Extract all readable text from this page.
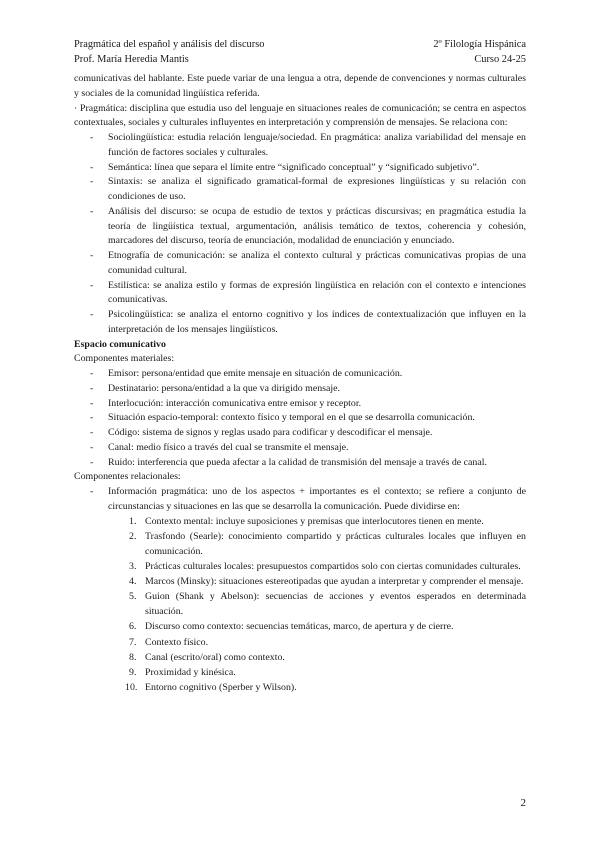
Pragmática del español y análisis del discurso	2º Filología Hispánica
Prof. María Heredia Mantis	Curso 24-25

comunicativas del hablante. Este puede variar de una lengua a otra, depende de convenciones y normas culturales y sociales de la comunidad lingüística referida.

· Pragmática: disciplina que estudia uso del lenguaje en situaciones reales de comunicación; se centra en aspectos contextuales, sociales y culturales influyentes en interpretación y comprensión de mensajes. Se relaciona con:

- Sociolingüística: estudia relación lenguaje/sociedad. En pragmática: analiza variabilidad del mensaje en función de factores sociales y culturales.
- Semántica: línea que separa el límite entre “significado conceptual” y “significado subjetivo”.
- Sintaxis: se analiza el significado gramatical-formal de expresiones lingüísticas y su relación con condiciones de uso.
- Análisis del discurso: se ocupa de estudio de textos y prácticas discursivas; en pragmática estudia la teoría de lingüística textual, argumentación, análisis temático de textos, coherencia y cohesión, marcadores del discurso, teoría de enunciación, modalidad de enunciación y enunciado.
- Etnografía de comunicación: se analiza el contexto cultural y prácticas comunicativas propias de una comunidad cultural.
- Estilística: se analiza estilo y formas de expresión lingüística en relación con el contexto e intenciones comunicativas.
- Psicolingüística: se analiza el entorno cognitivo y los índices de contextualización que influyen en la interpretación de los mensajes lingüísticos.

Espacio comunicativo

Componentes materiales:

- Emisor: persona/entidad que emite mensaje en situación de comunicación.
- Destinatario: persona/entidad a la que va dirigido mensaje.
- Interlocución: interacción comunicativa entre emisor y receptor.
- Situación espacio-temporal: contexto físico y temporal en el que se desarrolla comunicación.
- Código: sistema de signos y reglas usado para codificar y descodificar el mensaje.
- Canal: medio físico a través del cual se transmite el mensaje.
- Ruido: interferencia que pueda afectar a la calidad de transmisión del mensaje a través de canal.

Componentes relacionales:

- Información pragmática: uno de los aspectos + importantes es el contexto; se refiere a conjunto de circunstancias y situaciones en las que se desarrolla la comunicación. Puede dividirse en:
1. Contexto mental: incluye suposiciones y premisas que interlocutores tienen en mente.
2. Trasfondo (Searle): conocimiento compartido y prácticas culturales locales que influyen en comunicación.
3. Prácticas culturales locales: presupuestos compartidos solo con ciertas comunidades culturales.
4. Marcos (Minsky): situaciones estereotipadas que ayudan a interpretar y comprender el mensaje.
5. Guion (Shank y Abelson): secuencias de acciones y eventos esperados en determinada situación.
6. Discurso como contexto: secuencias temáticas, marco, de apertura y de cierre.
7. Contexto físico.
8. Canal (escrito/oral) como contexto.
9. Proximidad y kinésica.
10. Entorno cognitivo (Sperber y Wilson).
2
